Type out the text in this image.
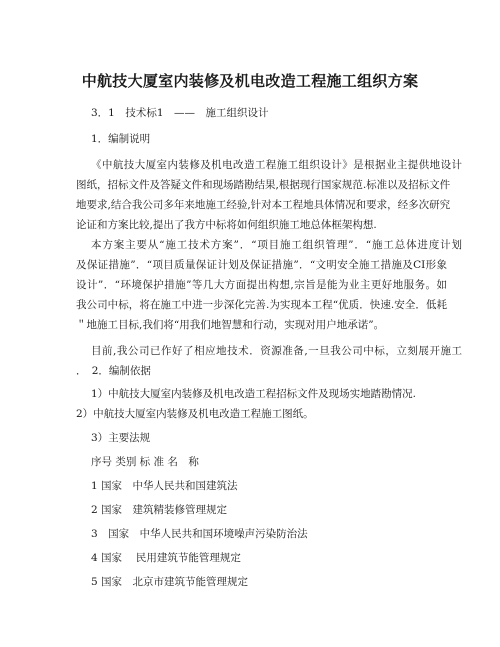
中航技大厦室内装修及机电改造工程施工组织方案
3．1　技术标1　——　施工组织设计
1．编制说明
《中航技大厦室内装修及机电改造工程施工组织设计》是根据业主提供地设计
图纸，招标文件及答疑文件和现场踏勘结果,根据现行国家规范.标准以及招标文件
地要求,结合我公司多年来地施工经验,针对本工程地具体情况和要求，经多次研究
论证和方案比较,提出了我方中标将如何组织施工地总体框架构想.
本方案主要从“施工技术方案”．“项目施工组织管理”．“施工总体进度计划
及保证措施”．“项目质量保证计划及保证措施”．“文明安全施工措施及CI形象
设计”．“环境保护措施”等几大方面提出构想,宗旨是能为业主更好地服务。如
我公司中标，将在施工中进一步深化完善.为实现本工程“优质．快速.安全．低耗
＂地施工目标,我们将“用我们地智慧和行动，实现对用户地承诺”。
目前,我公司已作好了相应地技术．资源准备,一旦我公司中标，立刻展开施工
．　2．编制依据
1）中航技大厦室内装修及机电改造工程招标文件及现场实地踏勘情况.
2）中航技大厦室内装修及机电改造工程施工图纸。
3）主要法规
序号 类别 标 准 名　称
1 国家　中华人民共和国建筑法
2 国家　建筑精装修管理规定
3　国家　中华人民共和国环境噪声污染防治法
4 国家　 民用建筑节能管理规定
5 国家　北京市建筑节能管理规定
